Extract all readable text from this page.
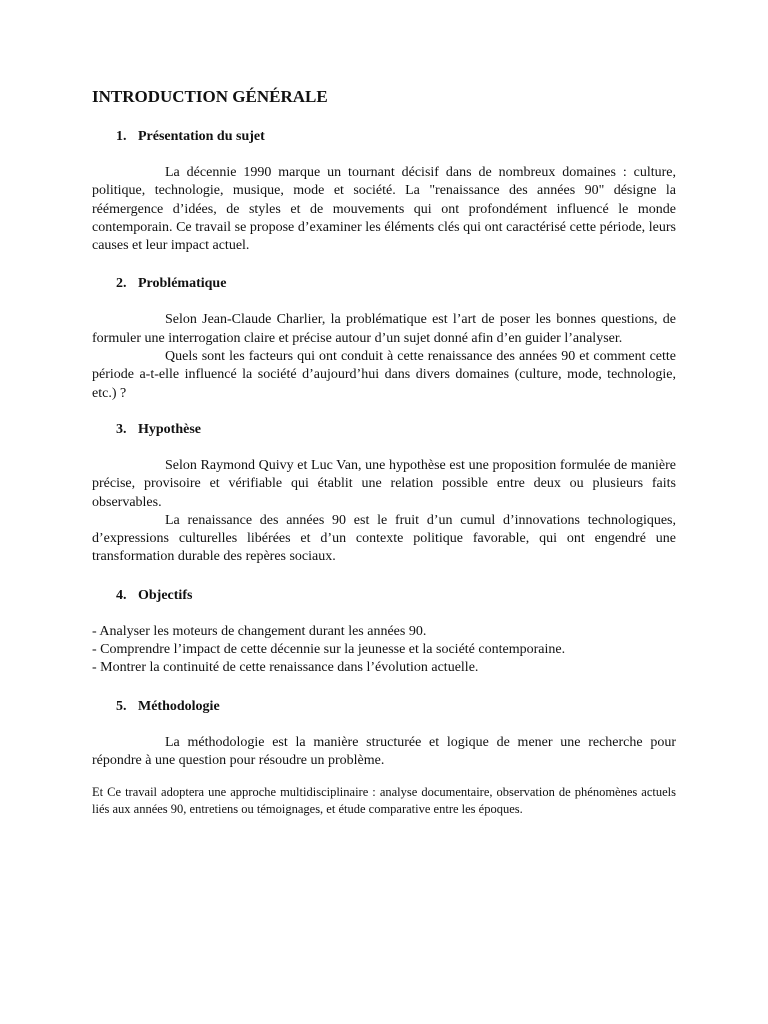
INTRODUCTION GÉNÉRALE
1. Présentation du sujet

La décennie 1990 marque un tournant décisif dans de nombreux domaines : culture, politique, technologie, musique, mode et société. La "renaissance des années 90" désigne la réémergence d’idées, de styles et de mouvements qui ont profondément influencé le monde contemporain. Ce travail se propose d’examiner les éléments clés qui ont caractérisé cette période, leurs causes et leur impact actuel.

2. Problématique

Selon Jean-Claude Charlier, la problématique est l’art de poser les bonnes questions, de formuler une interrogation claire et précise autour d’un sujet donné afin d’en guider l’analyser.

Quels sont les facteurs qui ont conduit à cette renaissance des années 90 et comment cette période a-t-elle influencé la société d’aujourd’hui dans divers domaines (culture, mode, technologie, etc.) ?

3. Hypothèse

Selon Raymond Quivy et Luc Van, une hypothèse est une proposition formulée de manière précise, provisoire et vérifiable qui établit une relation possible entre deux ou plusieurs faits observables.

La renaissance des années 90 est le fruit d’un cumul d’innovations technologiques, d’expressions culturelles libérées et d’un contexte politique favorable, qui ont engendré une transformation durable des repères sociaux.

4. Objectifs
- Analyser les moteurs de changement durant les années 90.
- Comprendre l’impact de cette décennie sur la jeunesse et la société contemporaine.
- Montrer la continuité de cette renaissance dans l’évolution actuelle.
5. Méthodologie

La méthodologie est la manière structurée et logique de mener une recherche pour répondre à une question pour résoudre un problème.

Et Ce travail adoptera une approche multidisciplinaire : analyse documentaire, observation de phénomènes actuels liés aux années 90, entretiens ou témoignages, et étude comparative entre les époques.
